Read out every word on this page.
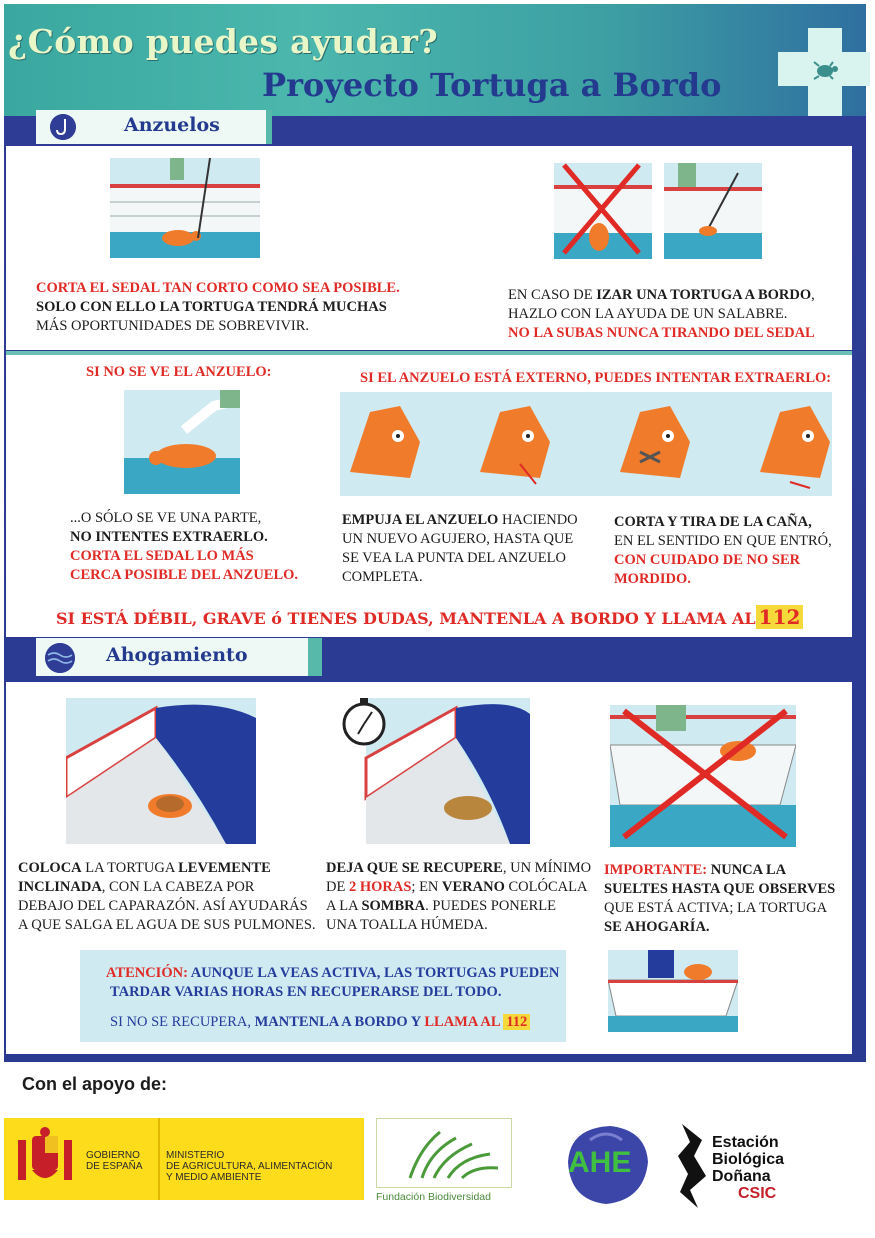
¿Cómo puedes ayudar?
Proyecto Tortuga a Bordo
Anzuelos
CORTA EL SEDAL TAN CORTO COMO SEA POSIBLE.
SOLO CON ELLO LA TORTUGA TENDRÁ MUCHAS
MÁS OPORTUNIDADES DE SOBREVIVIR.
EN CASO DE IZAR UNA TORTUGA A BORDO,
HAZLO CON LA AYUDA DE UN SALABRE.
NO LA SUBAS NUNCA TIRANDO DEL SEDAL
SI NO SE VE EL ANZUELO:	SI EL ANZUELO ESTÁ EXTERNO, PUEDES INTENTAR EXTRAERLO:
...O SÓLO SE VE UNA PARTE,
NO INTENTES EXTRAERLO.
CORTA EL SEDAL LO MÁS
CERCA POSIBLE DEL ANZUELO.
EMPUJA EL ANZUELO HACIENDO
UN NUEVO AGUJERO, HASTA QUE
SE VEA LA PUNTA DEL ANZUELO
COMPLETA.
CORTA Y TIRA DE LA CAÑA,
EN EL SENTIDO EN QUE ENTRÓ,
CON CUIDADO DE NO SER
MORDIDO.
SI ESTÁ DÉBIL, GRAVE ó TIENES DUDAS, MANTENLA A BORDO Y LLAMA AL 112
Ahogamiento
COLOCA LA TORTUGA LEVEMENTE
INCLINADA, CON LA CABEZA POR
DEBAJO DEL CAPARAZÓN. ASÍ AYUDARÁS
A QUE SALGA EL AGUA DE SUS PULMONES.
DEJA QUE SE RECUPERE, UN MÍNIMO
DE 2 HORAS; EN VERANO COLÓCALA
A LA SOMBRA. PUEDES PONERLE
UNA TOALLA HÚMEDA.
IMPORTANTE: NUNCA LA
SUELTES HASTA QUE OBSERVES
QUE ESTÁ ACTIVA; LA TORTUGA
SE AHOGARÍA.
ATENCIÓN: AUNQUE LA VEAS ACTIVA, LAS TORTUGAS PUEDEN
TARDAR VARIAS HORAS EN RECUPERARSE DEL TODO.
SI NO SE RECUPERA, MANTENLA A BORDO Y LLAMA AL 112
Con el apoyo de:
GOBIERNO
DE ESPAÑA
MINISTERIO
DE AGRICULTURA, ALIMENTACIÓN
Y MEDIO AMBIENTE
Fundación Biodiversidad
AHE
Estación
Biológica
Doñana
CSIC
